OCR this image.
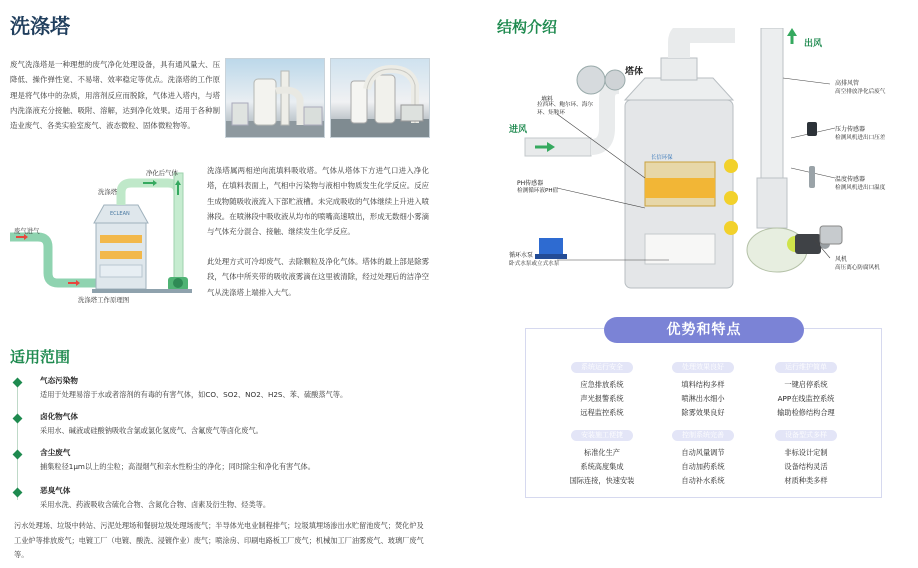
洗涤塔
废气洗涤塔是一种理想的废气净化处理设备，具有通风量大、压降低、操作弹性宽、不易堵、效率稳定等优点。洗涤塔的工作原理是将气体中的杂质，用溶剂反应而脱除，气体进入塔内，与塔内洗涤液充分接触、吸附、溶解，达到净化效果。适用于各种制造业废气、各类实验室废气、液态微粒、固体微粒物等。
ECLEAN
净化后气体
洗涤塔
废气进气
洗涤塔工作原理图
洗涤塔属两相逆向流填料吸收塔。气体从塔体下方进气口进入净化塔，在填料表面上，气相中污染物与液相中物质发生化学反应。反应生成物随吸收液流入下部贮液槽。未完成吸收的气体继续上升进入喷淋段。在喷淋段中吸收液从均布的喷嘴高速喷出，形成无数细小雾滴与气体充分混合、接触、继续发生化学反应。
此处理方式可冷却废气、去除颗粒及净化气体。塔体的最上部是除雾段，气体中所夹带的吸收液雾滴在这里被清除，经过处理后的洁净空气从洗涤塔上端排入大气。
结构介绍
塔体
出风
进风
填料
拉西环、鲍尔环、海尔环、矩鞍环
PH传感器
检测循环液PH值
循环水泵
卧式水泵或立式水泵
高排风管
高空排放净化后废气
压力传感器
检测风机进出口压差
温度传感器
检测风机进出口温度
风机
高压离心防腐风机
长信环保
适用范围
气态污染物
适用于处理易溶于水或者溶剂的有毒的有害气体，如CO、SO2、NO2、H2S、苯、硫酸蒸气等。
卤化物气体
采用水、碱液或硅酸钠吸收含氯或氯化氢废气、含氟废气等卤化废气。
含尘废气
捕集粒径1μm以上的尘粒；高湿烟气和亲水性粉尘的净化；同时除尘和净化有害气体。
恶臭气体
采用水洗、药液吸收含硫化合物、含氮化合物、卤素及衍生物、烃类等。
污水处理场、垃圾中转站、污泥处理场和餐厨垃圾处理场废气；半导体光电业制程排气；垃圾填埋场渗出水贮留池废气；焚化炉及工业炉等排放废气；电镀工厂（电镀、酸洗、浸镀作业）废气；喷涂房、印刷电路板工厂废气；机械加工厂油雾废气、玻璃厂废气等。
优势和特点
系统运行安全
应急排放系统
声光报警系统
远程监控系统
处理效果良好
填料结构多样
喷淋出水细小
除雾效果良好
运行维护简单
一键启停系统
APP在线监控系统
输助检修结构合理
安装施工便捷
标准化生产
系统高度集成
国际连接，快速安装
控制系统完善
自动风量调节
自动加药系统
自动补水系统
设备型式多样
非标设计定制
设备结构灵活
材质种类多样
